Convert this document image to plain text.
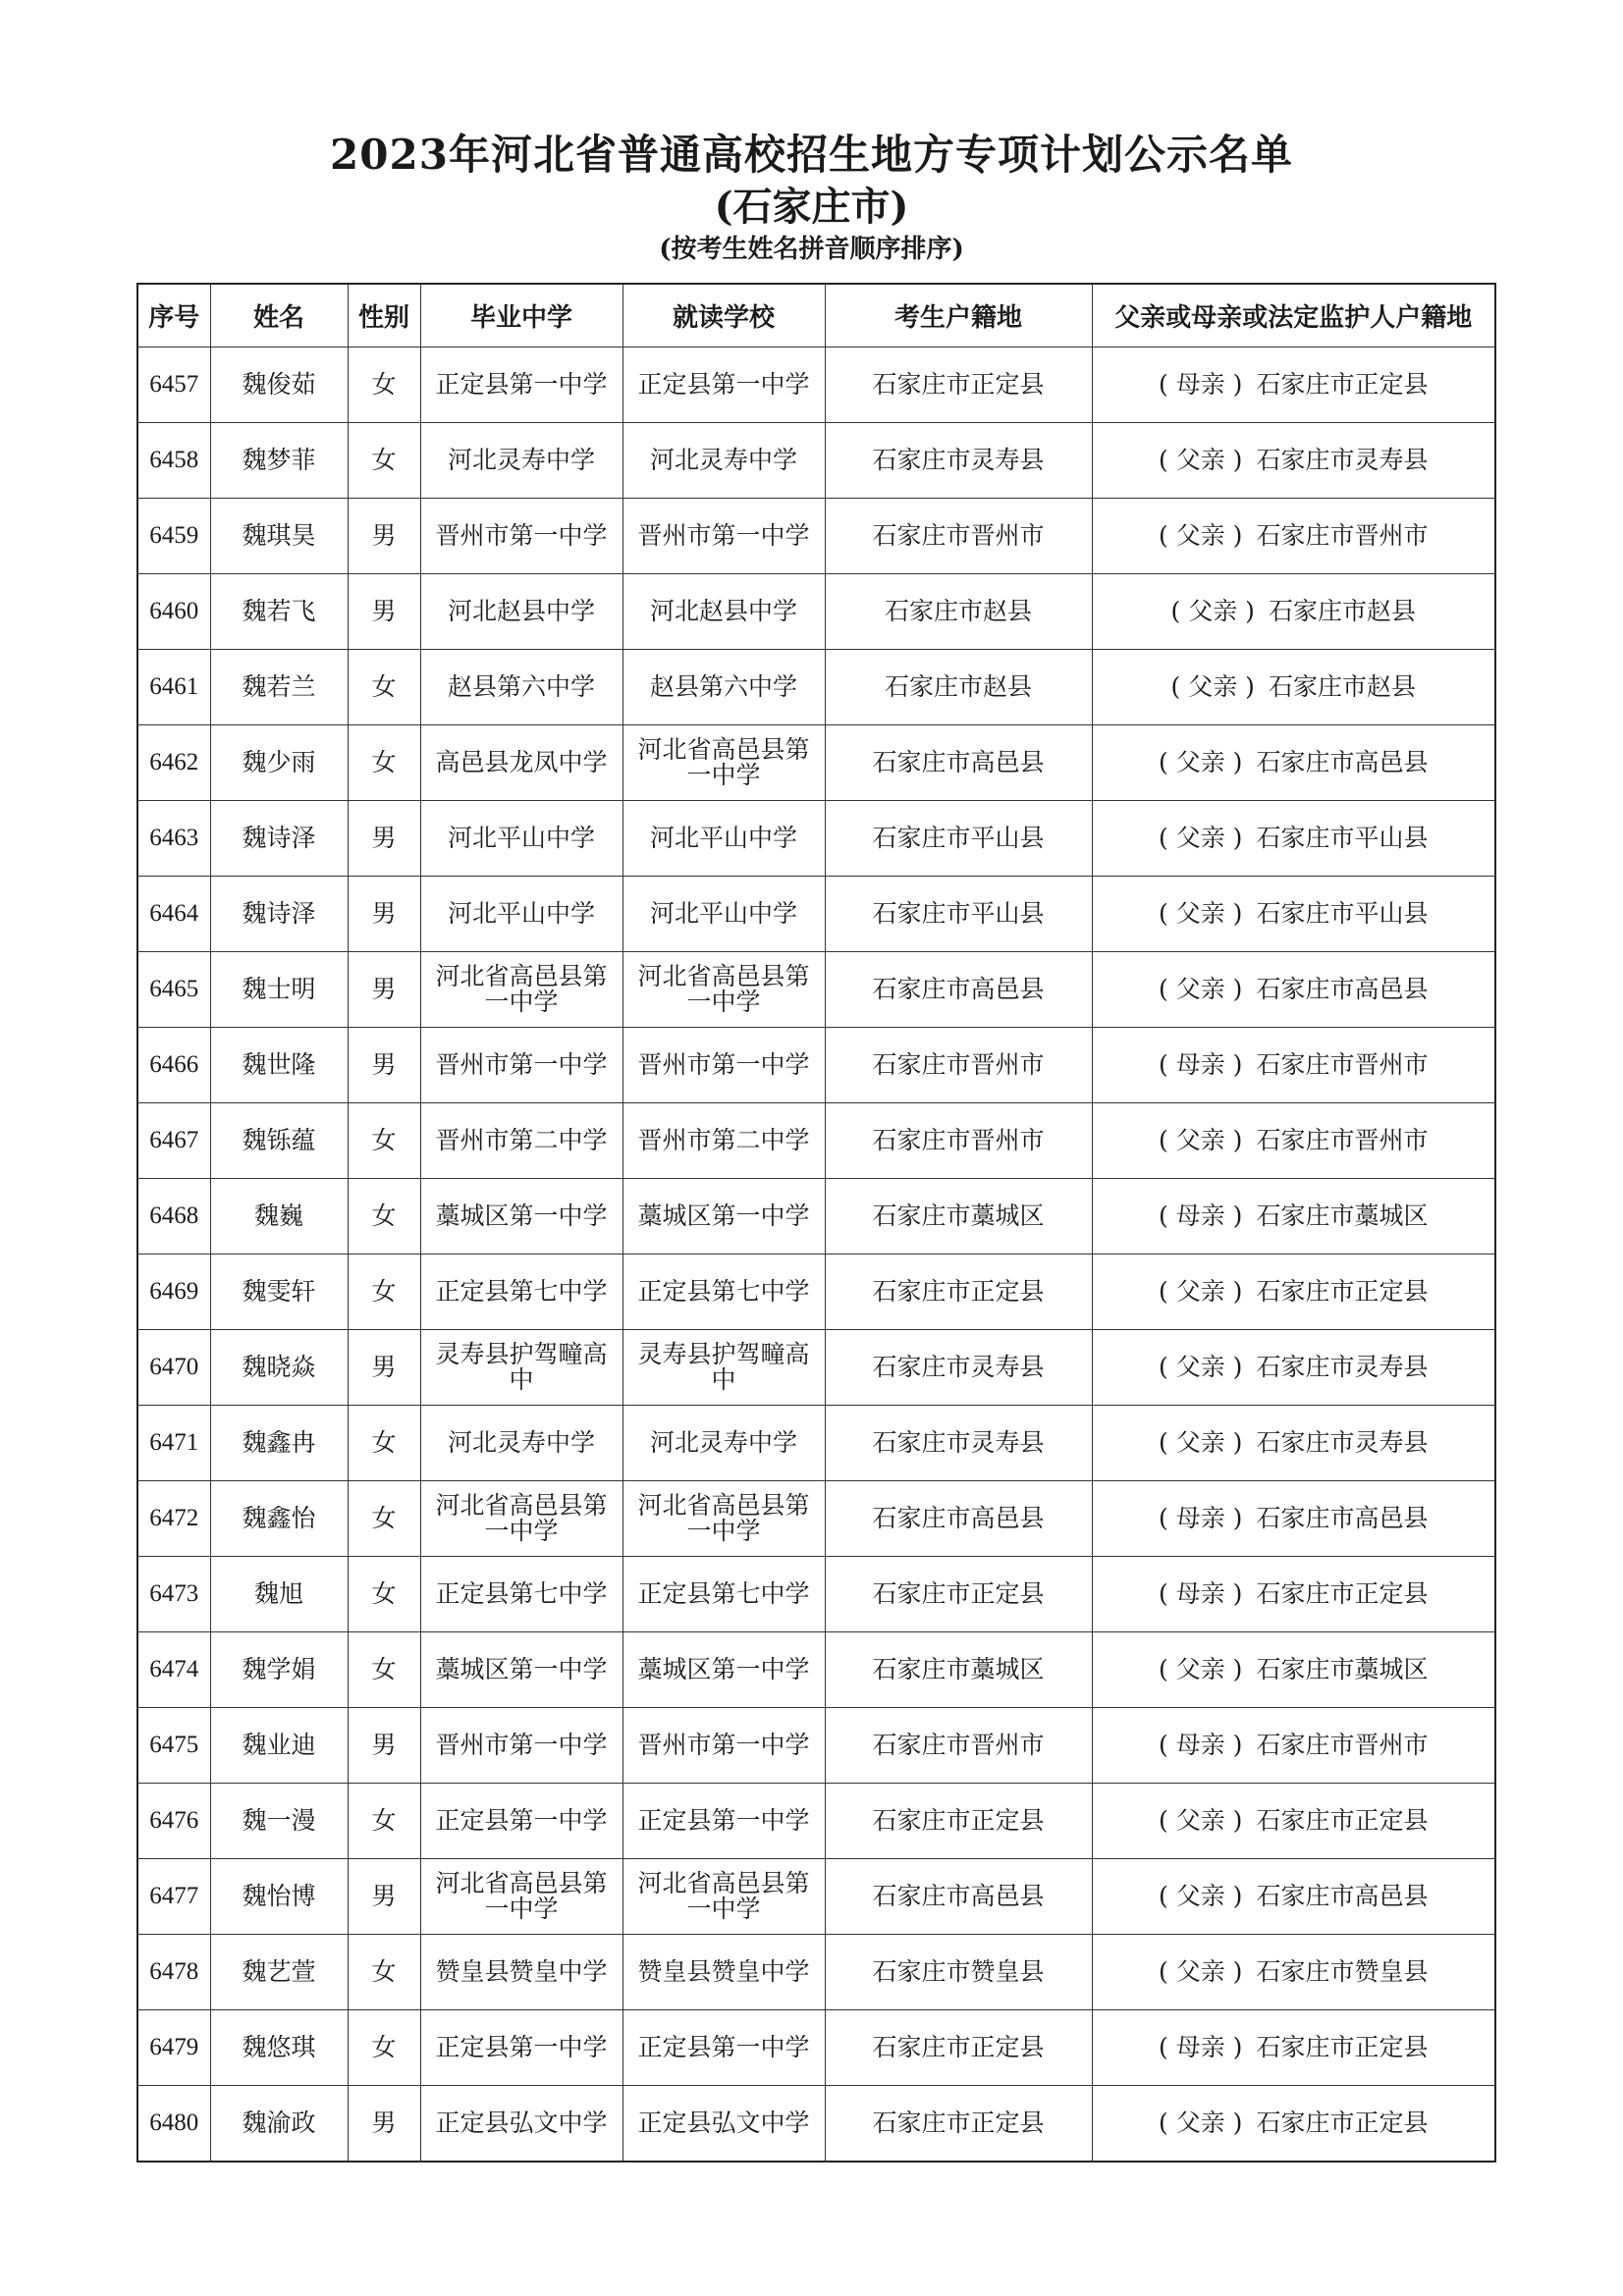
2023年河北省普通高校招生地方专项计划公示名单
(石家庄市)
(按考生姓名拼音顺序排序)
序号	姓名	性别	毕业中学	就读学校	考生户籍地	父亲或母亲或法定监护人户籍地
6457	魏俊茹	女	正定县第一中学	正定县第一中学	石家庄市正定县	( 母亲 ) 石家庄市正定县
6458	魏梦菲	女	河北灵寿中学	河北灵寿中学	石家庄市灵寿县	( 父亲 ) 石家庄市灵寿县
6459	魏琪昊	男	晋州市第一中学	晋州市第一中学	石家庄市晋州市	( 父亲 ) 石家庄市晋州市
6460	魏若飞	男	河北赵县中学	河北赵县中学	石家庄市赵县	( 父亲 ) 石家庄市赵县
6461	魏若兰	女	赵县第六中学	赵县第六中学	石家庄市赵县	( 父亲 ) 石家庄市赵县
6462	魏少雨	女	高邑县龙凤中学	河北省高邑县第一中学	石家庄市高邑县	( 父亲 ) 石家庄市高邑县
6463	魏诗泽	男	河北平山中学	河北平山中学	石家庄市平山县	( 父亲 ) 石家庄市平山县
6464	魏诗泽	男	河北平山中学	河北平山中学	石家庄市平山县	( 父亲 ) 石家庄市平山县
6465	魏士明	男	河北省高邑县第一中学	河北省高邑县第一中学	石家庄市高邑县	( 父亲 ) 石家庄市高邑县
6466	魏世隆	男	晋州市第一中学	晋州市第一中学	石家庄市晋州市	( 母亲 ) 石家庄市晋州市
6467	魏铄蕴	女	晋州市第二中学	晋州市第二中学	石家庄市晋州市	( 父亲 ) 石家庄市晋州市
6468	魏巍	女	藁城区第一中学	藁城区第一中学	石家庄市藁城区	( 母亲 ) 石家庄市藁城区
6469	魏雯轩	女	正定县第七中学	正定县第七中学	石家庄市正定县	( 父亲 ) 石家庄市正定县
6470	魏晓焱	男	灵寿县护驾疃高中	灵寿县护驾疃高中	石家庄市灵寿县	( 父亲 ) 石家庄市灵寿县
6471	魏鑫冉	女	河北灵寿中学	河北灵寿中学	石家庄市灵寿县	( 父亲 ) 石家庄市灵寿县
6472	魏鑫怡	女	河北省高邑县第一中学	河北省高邑县第一中学	石家庄市高邑县	( 母亲 ) 石家庄市高邑县
6473	魏旭	女	正定县第七中学	正定县第七中学	石家庄市正定县	( 母亲 ) 石家庄市正定县
6474	魏学娟	女	藁城区第一中学	藁城区第一中学	石家庄市藁城区	( 父亲 ) 石家庄市藁城区
6475	魏业迪	男	晋州市第一中学	晋州市第一中学	石家庄市晋州市	( 母亲 ) 石家庄市晋州市
6476	魏一漫	女	正定县第一中学	正定县第一中学	石家庄市正定县	( 父亲 ) 石家庄市正定县
6477	魏怡博	男	河北省高邑县第一中学	河北省高邑县第一中学	石家庄市高邑县	( 父亲 ) 石家庄市高邑县
6478	魏艺萱	女	赞皇县赞皇中学	赞皇县赞皇中学	石家庄市赞皇县	( 父亲 ) 石家庄市赞皇县
6479	魏悠琪	女	正定县第一中学	正定县第一中学	石家庄市正定县	( 母亲 ) 石家庄市正定县
6480	魏渝政	男	正定县弘文中学	正定县弘文中学	石家庄市正定县	( 父亲 ) 石家庄市正定县
